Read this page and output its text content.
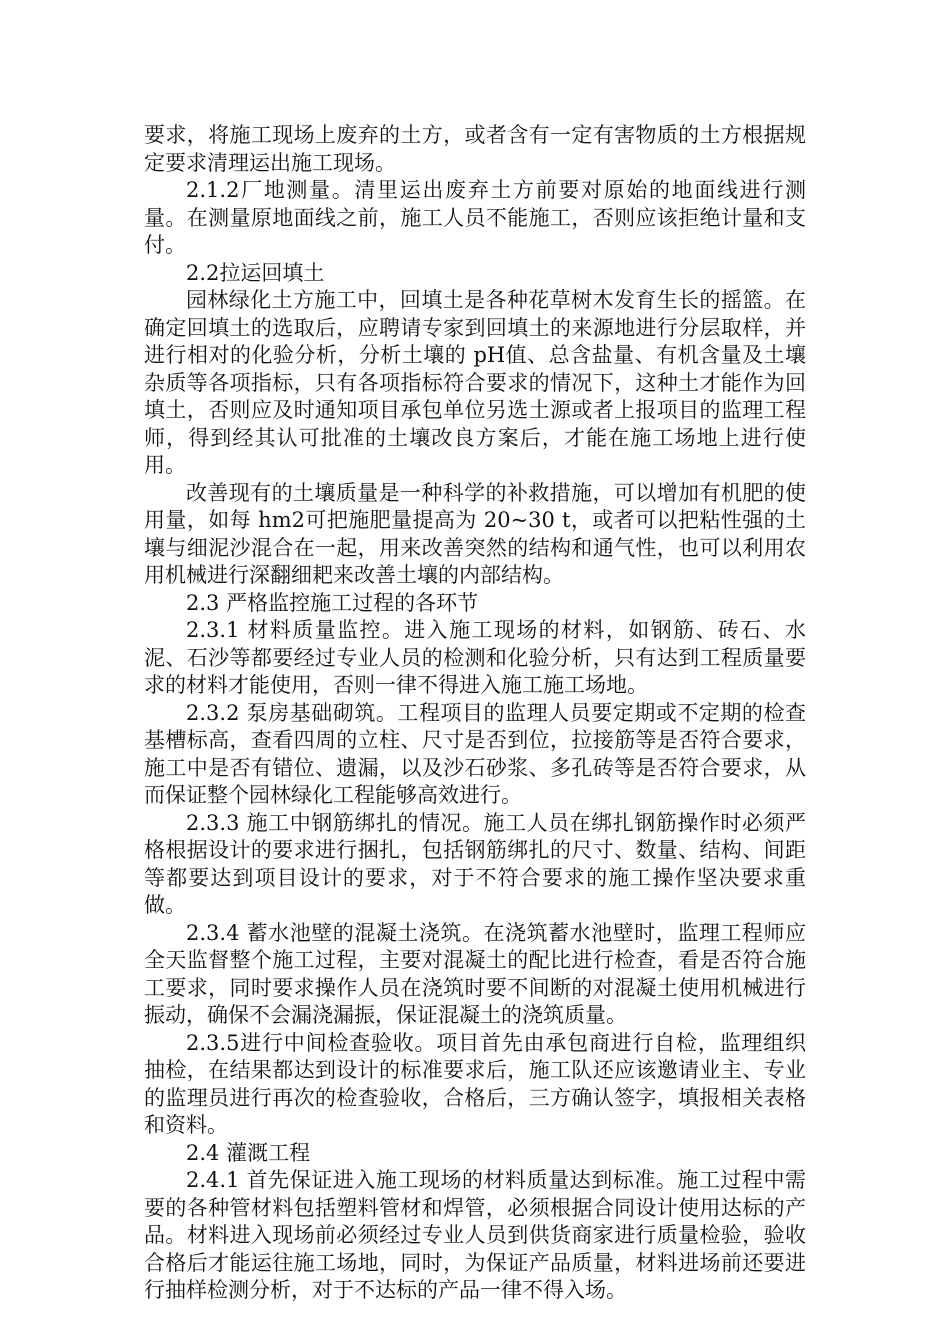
要求，将施工现场上废弃的土方，或者含有一定有害物质的土方根据规定要求清理运出施工现场。

2.1.2厂地测量。清里运出废弃土方前要对原始的地面线进行测量。在测量原地面线之前，施工人员不能施工，否则应该拒绝计量和支付。

2.2拉运回填土

园林绿化土方施工中，回填土是各种花草树木发育生长的摇篮。在确定回填土的选取后，应聘请专家到回填土的来源地进行分层取样，并进行相对的化验分析，分析土壤的 pH值、总含盐量、有机含量及土壤杂质等各项指标，只有各项指标符合要求的情况下，这种土才能作为回填土，否则应及时通知项目承包单位另选土源或者上报项目的监理工程师，得到经其认可批准的土壤改良方案后，才能在施工场地上进行使用。

改善现有的土壤质量是一种科学的补救措施，可以增加有机肥的使用量，如每 hm2可把施肥量提高为 20~30 t，或者可以把粘性强的土壤与细泥沙混合在一起，用来改善突然的结构和通气性，也可以利用农用机械进行深翻细耙来改善土壤的内部结构。

2.3 严格监控施工过程的各环节

2.3.1 材料质量监控。进入施工现场的材料，如钢筋、砖石、水泥、石沙等都要经过专业人员的检测和化验分析，只有达到工程质量要求的材料才能使用，否则一律不得进入施工施工场地。

2.3.2 泵房基础砌筑。工程项目的监理人员要定期或不定期的检查基槽标高，查看四周的立柱、尺寸是否到位，拉接筋等是否符合要求，施工中是否有错位、遗漏，以及沙石砂浆、多孔砖等是否符合要求，从而保证整个园林绿化工程能够高效进行。

2.3.3 施工中钢筋绑扎的情况。施工人员在绑扎钢筋操作时必须严格根据设计的要求进行捆扎，包括钢筋绑扎的尺寸、数量、结构、间距等都要达到项目设计的要求，对于不符合要求的施工操作坚决要求重做。

2.3.4 蓄水池壁的混凝土浇筑。在浇筑蓄水池壁时，监理工程师应全天监督整个施工过程，主要对混凝土的配比进行检查，看是否符合施工要求，同时要求操作人员在浇筑时要不间断的对混凝土使用机械进行振动，确保不会漏浇漏振，保证混凝土的浇筑质量。

2.3.5进行中间检查验收。项目首先由承包商进行自检，监理组织抽检，在结果都达到设计的标准要求后，施工队还应该邀请业主、专业的监理员进行再次的检查验收，合格后，三方确认签字，填报相关表格和资料。

2.4 灌溉工程

2.4.1 首先保证进入施工现场的材料质量达到标准。施工过程中需要的各种管材料包括塑料管材和焊管，必须根据合同设计使用达标的产品。材料进入现场前必须经过专业人员到供货商家进行质量检验，验收合格后才能运往施工场地，同时，为保证产品质量，材料进场前还要进行抽样检测分析，对于不达标的产品一律不得入场。
